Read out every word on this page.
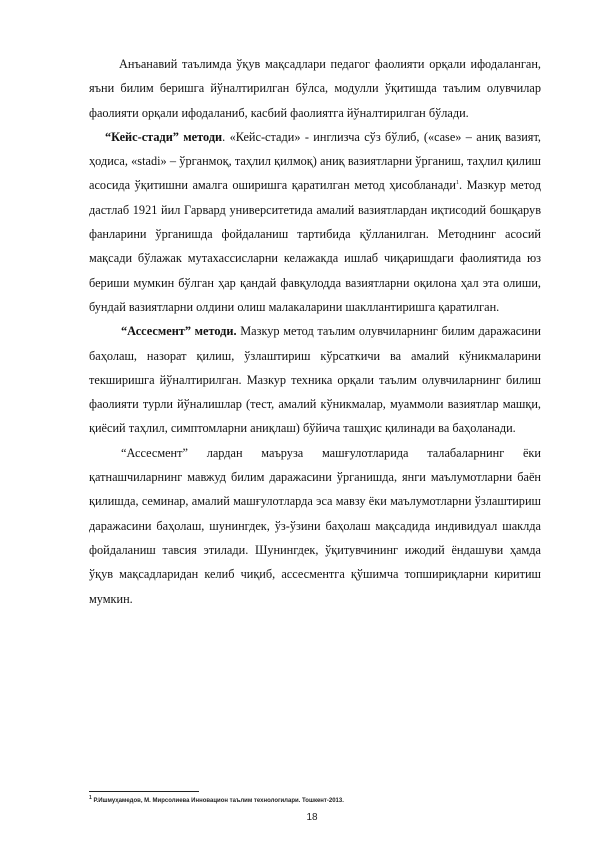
Анъанавий таълимда ўқув мақсадлари педагог фаолияти орқали ифодаланган, яъни билим беришга йўналтирилган бўлса, модулли ўқитишда таълим олувчилар фаолияти орқали ифодаланиб, касбий фаолиятга йўналтирилган бўлади.

“Кейс-стади” методи. «Кейс-стади» - инглизча сўз бўлиб, («case» – аниқ вазият, ҳодиса, «stadi» – ўрганмоқ, таҳлил қилмоқ) аниқ вазиятларни ўрганиш, таҳлил қилиш асосида ўқитишни амалга оширишга қаратилган метод ҳисобланади$^1$. Мазкур метод дастлаб 1921 йил Гарвард университетида амалий вазиятлардан иқтисодий бошқарув фанларини ўрганишда фойдаланиш тартибида қўлланилган. Методнинг асосий мақсади бўлажак мутахассисларни келажакда ишлаб чиқаришдаги фаолиятида юз бериши мумкин бўлган ҳар қандай фавқулодда вазиятларни оқилона ҳал эта олиши, бундай вазиятларни олдини олиш малакаларини шакллантиришга қаратилган.

“Ассесмент” методи. Мазкур метод таълим олувчиларнинг билим даражасини баҳолаш, назорат қилиш, ўзлаштириш кўрсаткичи ва амалий кўникмаларини текширишга йўналтирилган. Мазкур техника орқали таълим олувчиларнинг билиш фаолияти турли йўналишлар (тест, амалий кўникмалар, муаммоли вазиятлар машқи, қиёсий таҳлил, симптомларни аниқлаш) бўйича ташҳис қилинади ва баҳоланади.

“Ассесмент” лардан маъруза машғулотларида талабаларнинг ёки қатнашчиларнинг мавжуд билим даражасини ўрганишда, янги маълумотларни баён қилишда, семинар, амалий машғулотларда эса мавзу ёки маълумотларни ўзлаштириш даражасини баҳолаш, шунингдек, ўз-ўзини баҳолаш мақсадида индивидуал шаклда фойдаланиш тавсия этилади. Шунингдек, ўқитувчининг ижодий ёндашуви ҳамда ўқув мақсадларидан келиб чиқиб, ассесментга қўшимча топшириқларни киритиш мумкин.

$^1$ Р.Ишмуҳамедов, М. Мирсолиева Инновацион таълим технологилари. Тошкент-2013.
18
